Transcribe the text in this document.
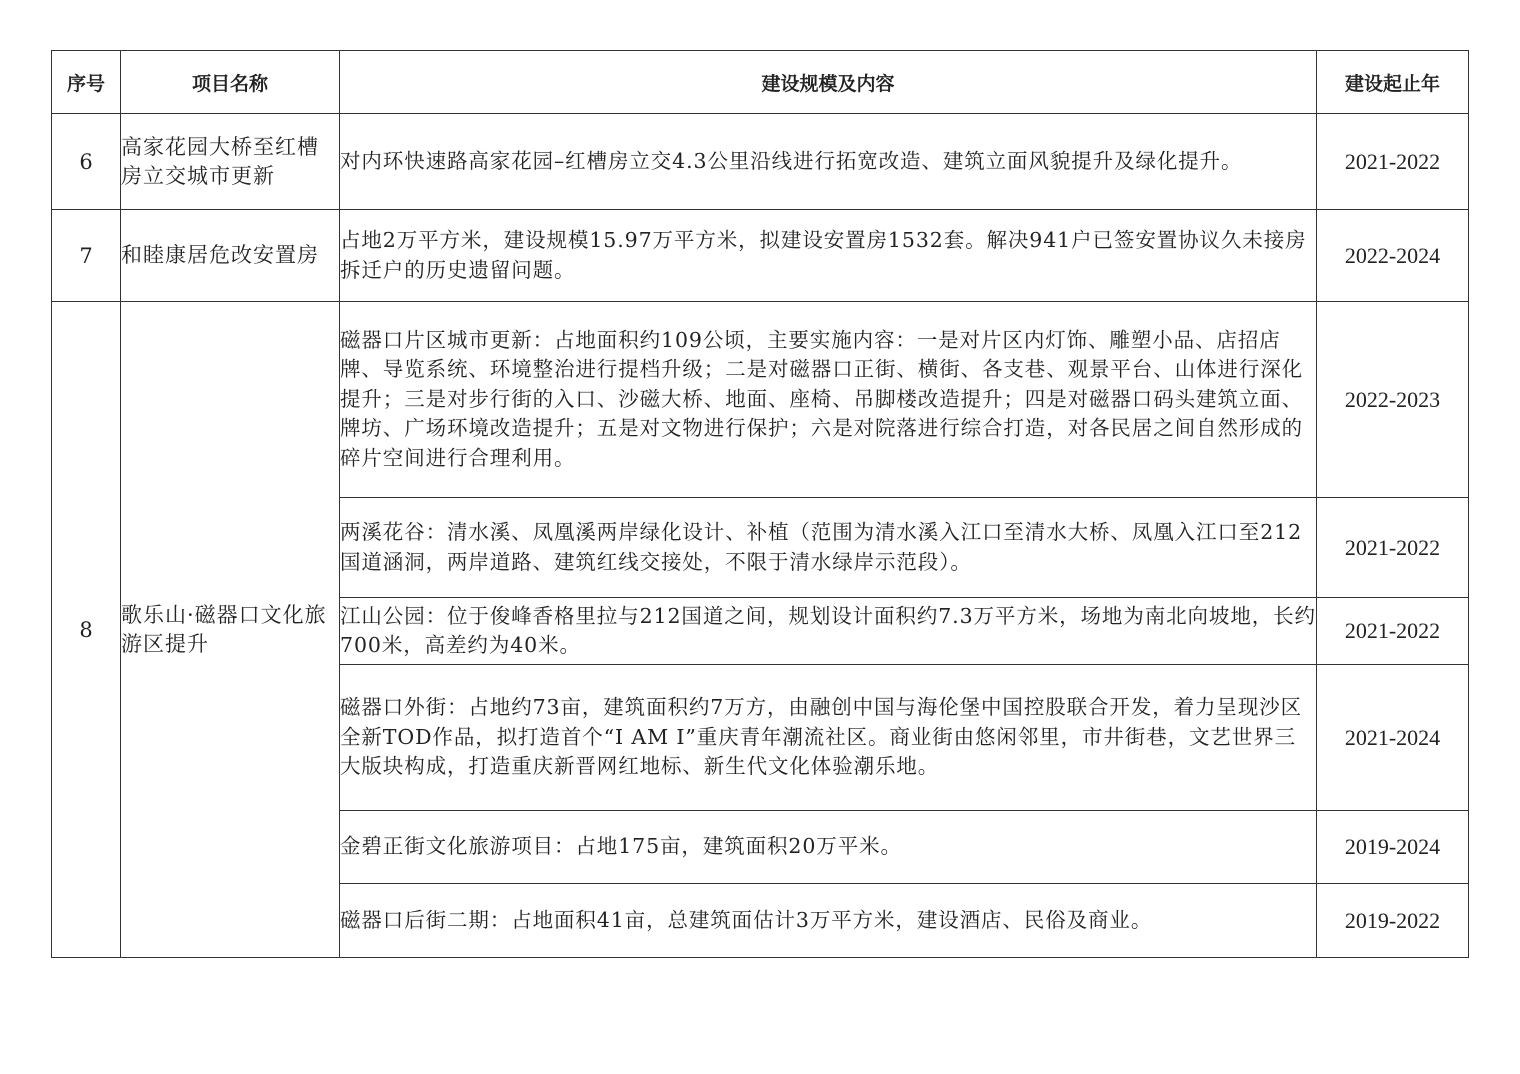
序号	项目名称	建设规模及内容	建设起止年
6	高家花园大桥至红槽房立交城市更新	对内环快速路高家花园–红槽房立交4.3公里沿线进行拓宽改造、建筑立面风貌提升及绿化提升。	2021-2022
7	和睦康居危改安置房	占地2万平方米，建设规模15.97万平方米，拟建设安置房1532套。解决941户已签安置协议久未接房拆迁户的历史遗留问题。	2022-2024
8	歌乐山·磁器口文化旅游区提升	磁器口片区城市更新：占地面积约109公顷，主要实施内容：一是对片区内灯饰、雕塑小品、店招店牌、导览系统、环境整治进行提档升级；二是对磁器口正街、横街、各支巷、观景平台、山体进行深化提升；三是对步行街的入口、沙磁大桥、地面、座椅、吊脚楼改造提升；四是对磁器口码头建筑立面、牌坊、广场环境改造提升；五是对文物进行保护；六是对院落进行综合打造，对各民居之间自然形成的碎片空间进行合理利用。	2022-2023
		两溪花谷：清水溪、凤凰溪两岸绿化设计、补植（范围为清水溪入江口至清水大桥、凤凰入江口至212国道涵洞，两岸道路、建筑红线交接处，不限于清水绿岸示范段）。	2021-2022
		江山公园：位于俊峰香格里拉与212国道之间，规划设计面积约7.3万平方米，场地为南北向坡地，长约700米，高差约为40米。	2021-2022
		磁器口外街：占地约73亩，建筑面积约7万方，由融创中国与海伦堡中国控股联合开发，着力呈现沙区全新TOD作品，拟打造首个“I AM I”重庆青年潮流社区。商业街由悠闲邻里，市井街巷，文艺世界三大版块构成，打造重庆新晋网红地标、新生代文化体验潮乐地。	2021-2024
		金碧正街文化旅游项目：占地175亩，建筑面积20万平米。	2019-2024
		磁器口后街二期：占地面积41亩，总建筑面估计3万平方米，建设酒店、民俗及商业。	2019-2022
